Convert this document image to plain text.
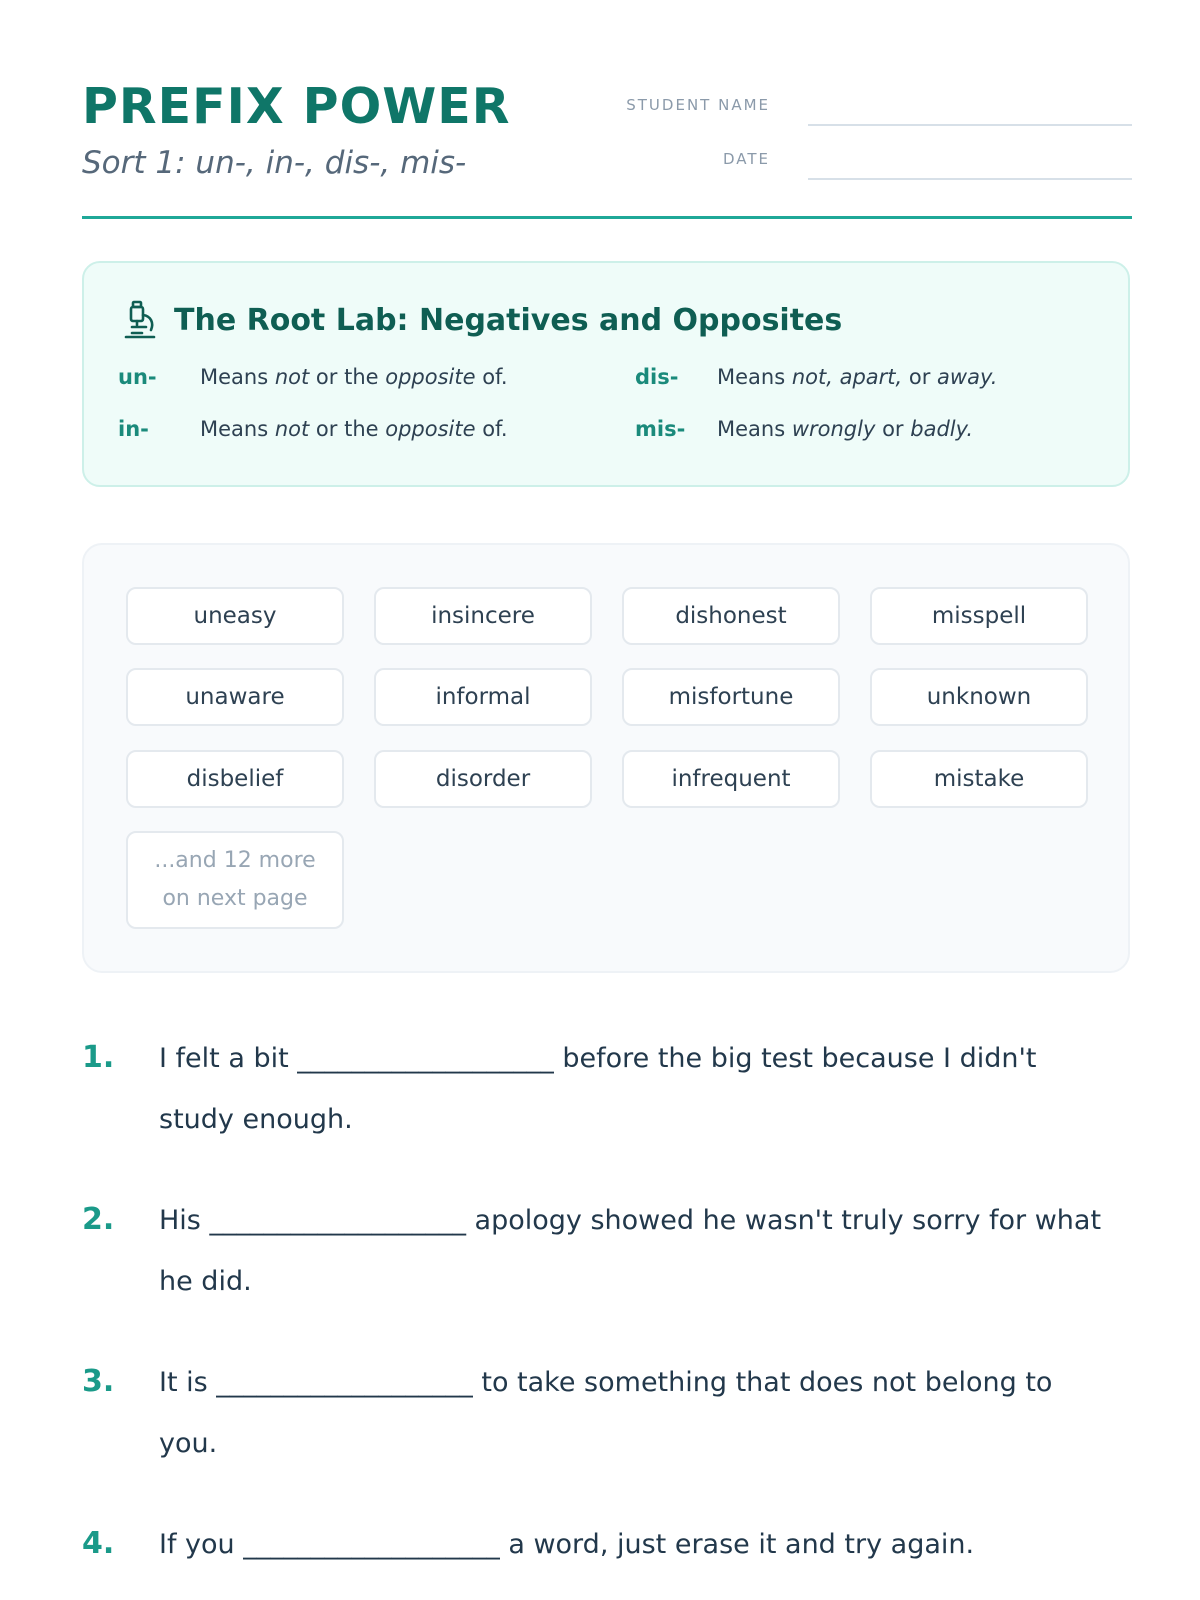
PREFIX POWER
Sort 1: un-, in-, dis-, mis-
STUDENT NAME
DATE
The Root Lab: Negatives and Opposites
un-	Means not or the opposite of.	dis-	Means not, apart, or away.
in-	Means not or the opposite of.	mis-	Means wrongly or badly.
uneasy	insincere	dishonest	misspell
unaware	informal	misfortune	unknown
disbelief	disorder	infrequent	mistake
...and 12 more
on next page
1. I felt a bit ___________________ before the big test because I didn't study enough.
2. His ___________________ apology showed he wasn't truly sorry for what he did.
3. It is ___________________ to take something that does not belong to you.
4. If you ___________________ a word, just erase it and try again.
